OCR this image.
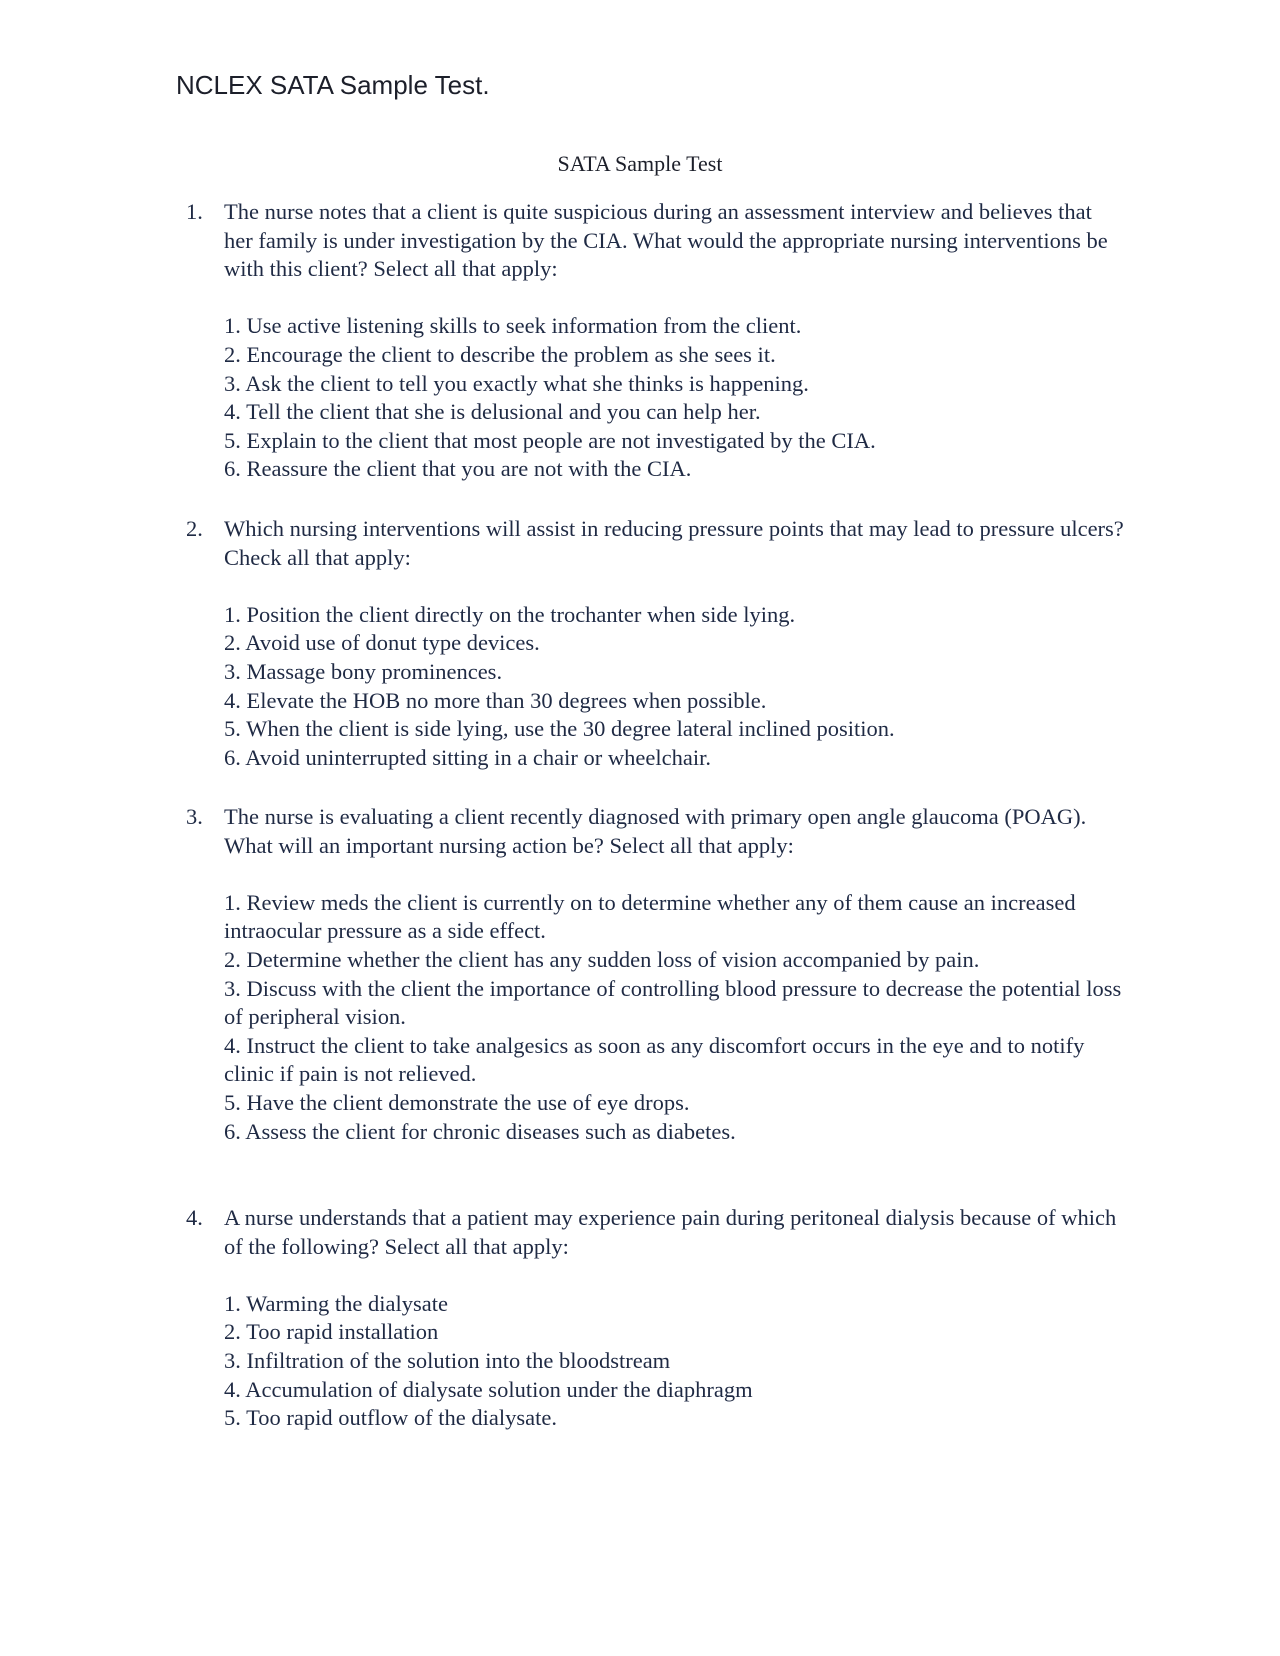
NCLEX SATA Sample Test.
SATA Sample Test
1. The nurse notes that a client is quite suspicious during an assessment interview and believes that her family is under investigation by the CIA. What would the appropriate nursing interventions be with this client? Select all that apply:
1. Use active listening skills to seek information from the client.
2. Encourage the client to describe the problem as she sees it.
3. Ask the client to tell you exactly what she thinks is happening.
4. Tell the client that she is delusional and you can help her.
5. Explain to the client that most people are not investigated by the CIA.
6. Reassure the client that you are not with the CIA.
2. Which nursing interventions will assist in reducing pressure points that may lead to pressure ulcers? Check all that apply:
1. Position the client directly on the trochanter when side lying.
2. Avoid use of donut type devices.
3. Massage bony prominences.
4. Elevate the HOB no more than 30 degrees when possible.
5. When the client is side lying, use the 30 degree lateral inclined position.
6. Avoid uninterrupted sitting in a chair or wheelchair.
3. The nurse is evaluating a client recently diagnosed with primary open angle glaucoma (POAG). What will an important nursing action be? Select all that apply:
1. Review meds the client is currently on to determine whether any of them cause an increased intraocular pressure as a side effect.
2. Determine whether the client has any sudden loss of vision accompanied by pain.
3. Discuss with the client the importance of controlling blood pressure to decrease the potential loss of peripheral vision.
4. Instruct the client to take analgesics as soon as any discomfort occurs in the eye and to notify clinic if pain is not relieved.
5. Have the client demonstrate the use of eye drops.
6. Assess the client for chronic diseases such as diabetes.
4. A nurse understands that a patient may experience pain during peritoneal dialysis because of which of the following? Select all that apply:
1. Warming the dialysate
2. Too rapid installation
3. Infiltration of the solution into the bloodstream
4. Accumulation of dialysate solution under the diaphragm
5. Too rapid outflow of the dialysate.
